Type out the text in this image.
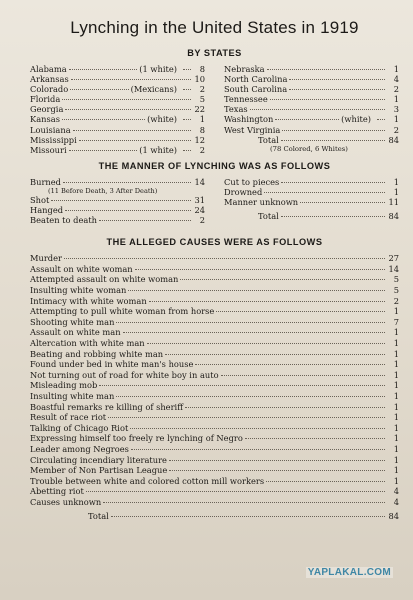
Lynching in the United States in 1919
BY STATES
Alabama	(1 white)	8
Arkansas	10
Colorado	(Mexicans)	2
Florida	5
Georgia	22
Kansas	(white)	1
Louisiana	8
Mississippi	12
Missouri	(1 white)	2
Nebraska	1
North Carolina	4
South Carolina	2
Tennessee	1
Texas	3
Washington	(white)	1
West Virginia	2
Total	84
(78 Colored, 6 Whites)
THE MANNER OF LYNCHING WAS AS FOLLOWS
Burned	14
(11 Before Death, 3 After Death)
Shot	31
Hanged	24
Beaten to death	2
Cut to pieces	1
Drowned	1
Manner unknown	11
Total	84
THE ALLEGED CAUSES WERE AS FOLLOWS
Murder	27
Assault on white woman	14
Attempted assault on white woman	5
Insulting white woman	5
Intimacy with white woman	2
Attempting to pull white woman from horse	1
Shooting white man	7
Assault on white man	1
Altercation with white man	1
Beating and robbing white man	1
Found under bed in white man's house	1
Not turning out of road for white boy in auto	1
Misleading mob	1
Insulting white man	1
Boastful remarks re killing of sheriff	1
Result of race riot	1
Talking of Chicago Riot	1
Expressing himself too freely re lynching of Negro	1
Leader among Negroes	1
Circulating incendiary literature	1
Member of Non Partisan League	1
Trouble between white and colored cotton mill workers	1
Abetting riot	4
Causes unknown	4
Total	84
YAPLAKAL.COM
